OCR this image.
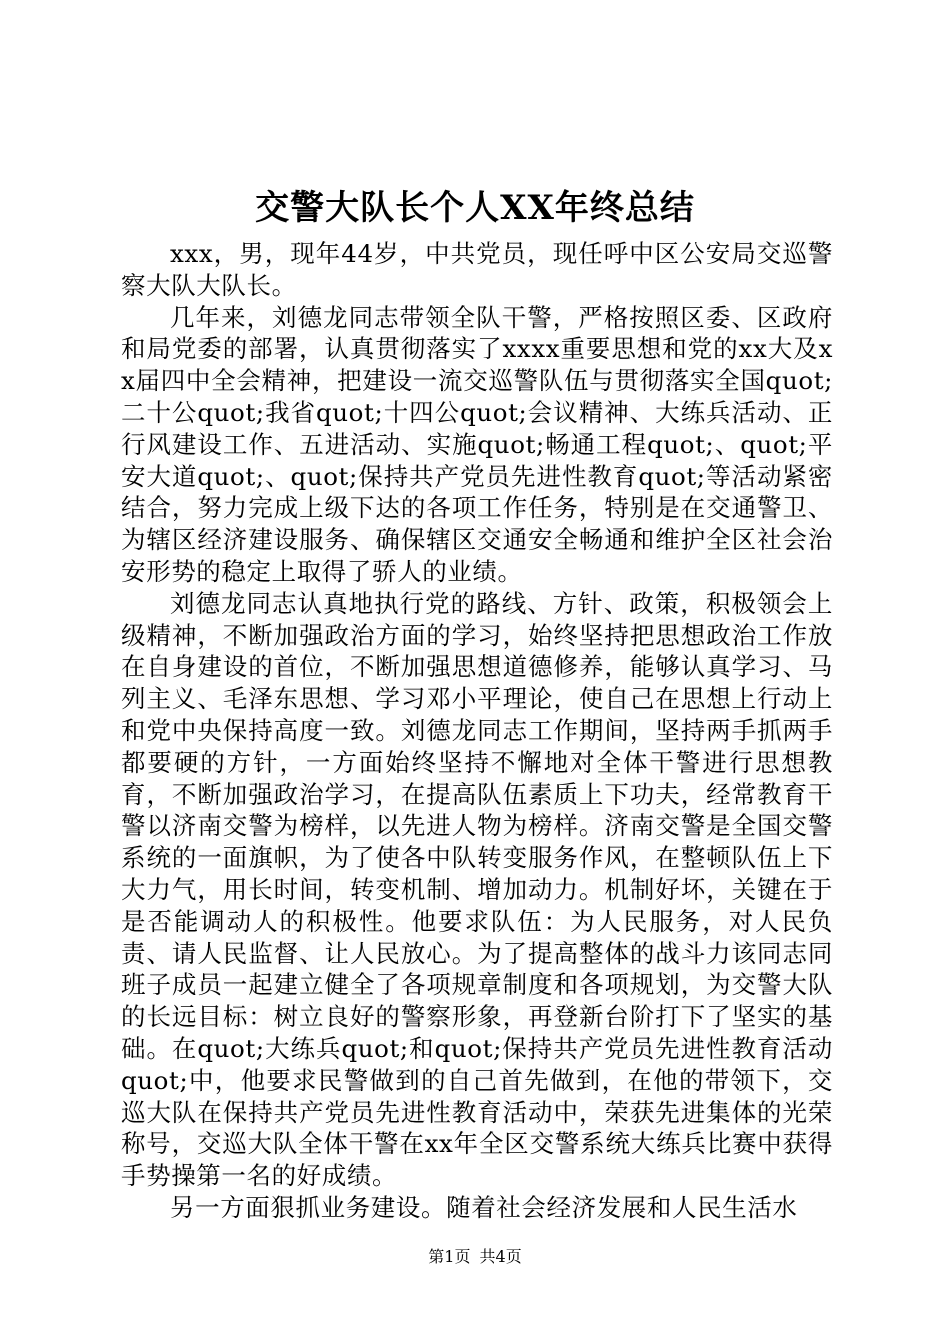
交警大队长个人XX年终总结

xxx，男，现年44岁，中共党员，现任呼中区公安局交巡警察大队大队长。

几年来，刘德龙同志带领全队干警，严格按照区委、区政府和局党委的部署，认真贯彻落实了xxxx重要思想和党的xx大及xx届四中全会精神，把建设一流交巡警队伍与贯彻落实全国quot;二十公quot;我省quot;十四公quot;会议精神、大练兵活动、正行风建设工作、五进活动、实施quot;畅通工程quot;、quot;平安大道quot;、quot;保持共产党员先进性教育quot;等活动紧密结合，努力完成上级下达的各项工作任务，特别是在交通警卫、为辖区经济建设服务、确保辖区交通安全畅通和维护全区社会治安形势的稳定上取得了骄人的业绩。

刘德龙同志认真地执行党的路线、方针、政策，积极领会上级精神，不断加强政治方面的学习，始终坚持把思想政治工作放在自身建设的首位，不断加强思想道德修养，能够认真学习、马列主义、毛泽东思想、学习邓小平理论，使自己在思想上行动上和党中央保持高度一致。刘德龙同志工作期间，坚持两手抓两手都要硬的方针，一方面始终坚持不懈地对全体干警进行思想教育，不断加强政治学习，在提高队伍素质上下功夫，经常教育干警以济南交警为榜样，以先进人物为榜样。济南交警是全国交警系统的一面旗帜，为了使各中队转变服务作风，在整顿队伍上下大力气，用长时间，转变机制、增加动力。机制好坏，关键在于是否能调动人的积极性。他要求队伍：为人民服务，对人民负责、请人民监督、让人民放心。为了提高整体的战斗力该同志同班子成员一起建立健全了各项规章制度和各项规划，为交警大队的长远目标：树立良好的警察形象，再登新台阶打下了坚实的基础。在quot;大练兵quot;和quot;保持共产党员先进性教育活动quot;中，他要求民警做到的自己首先做到，在他的带领下，交巡大队在保持共产党员先进性教育活动中，荣获先进集体的光荣称号，交巡大队全体干警在xx年全区交警系统大练兵比赛中获得手势操第一名的好成绩。

另一方面狠抓业务建设。随着社会经济发展和人民生活水

第1页 共4页
